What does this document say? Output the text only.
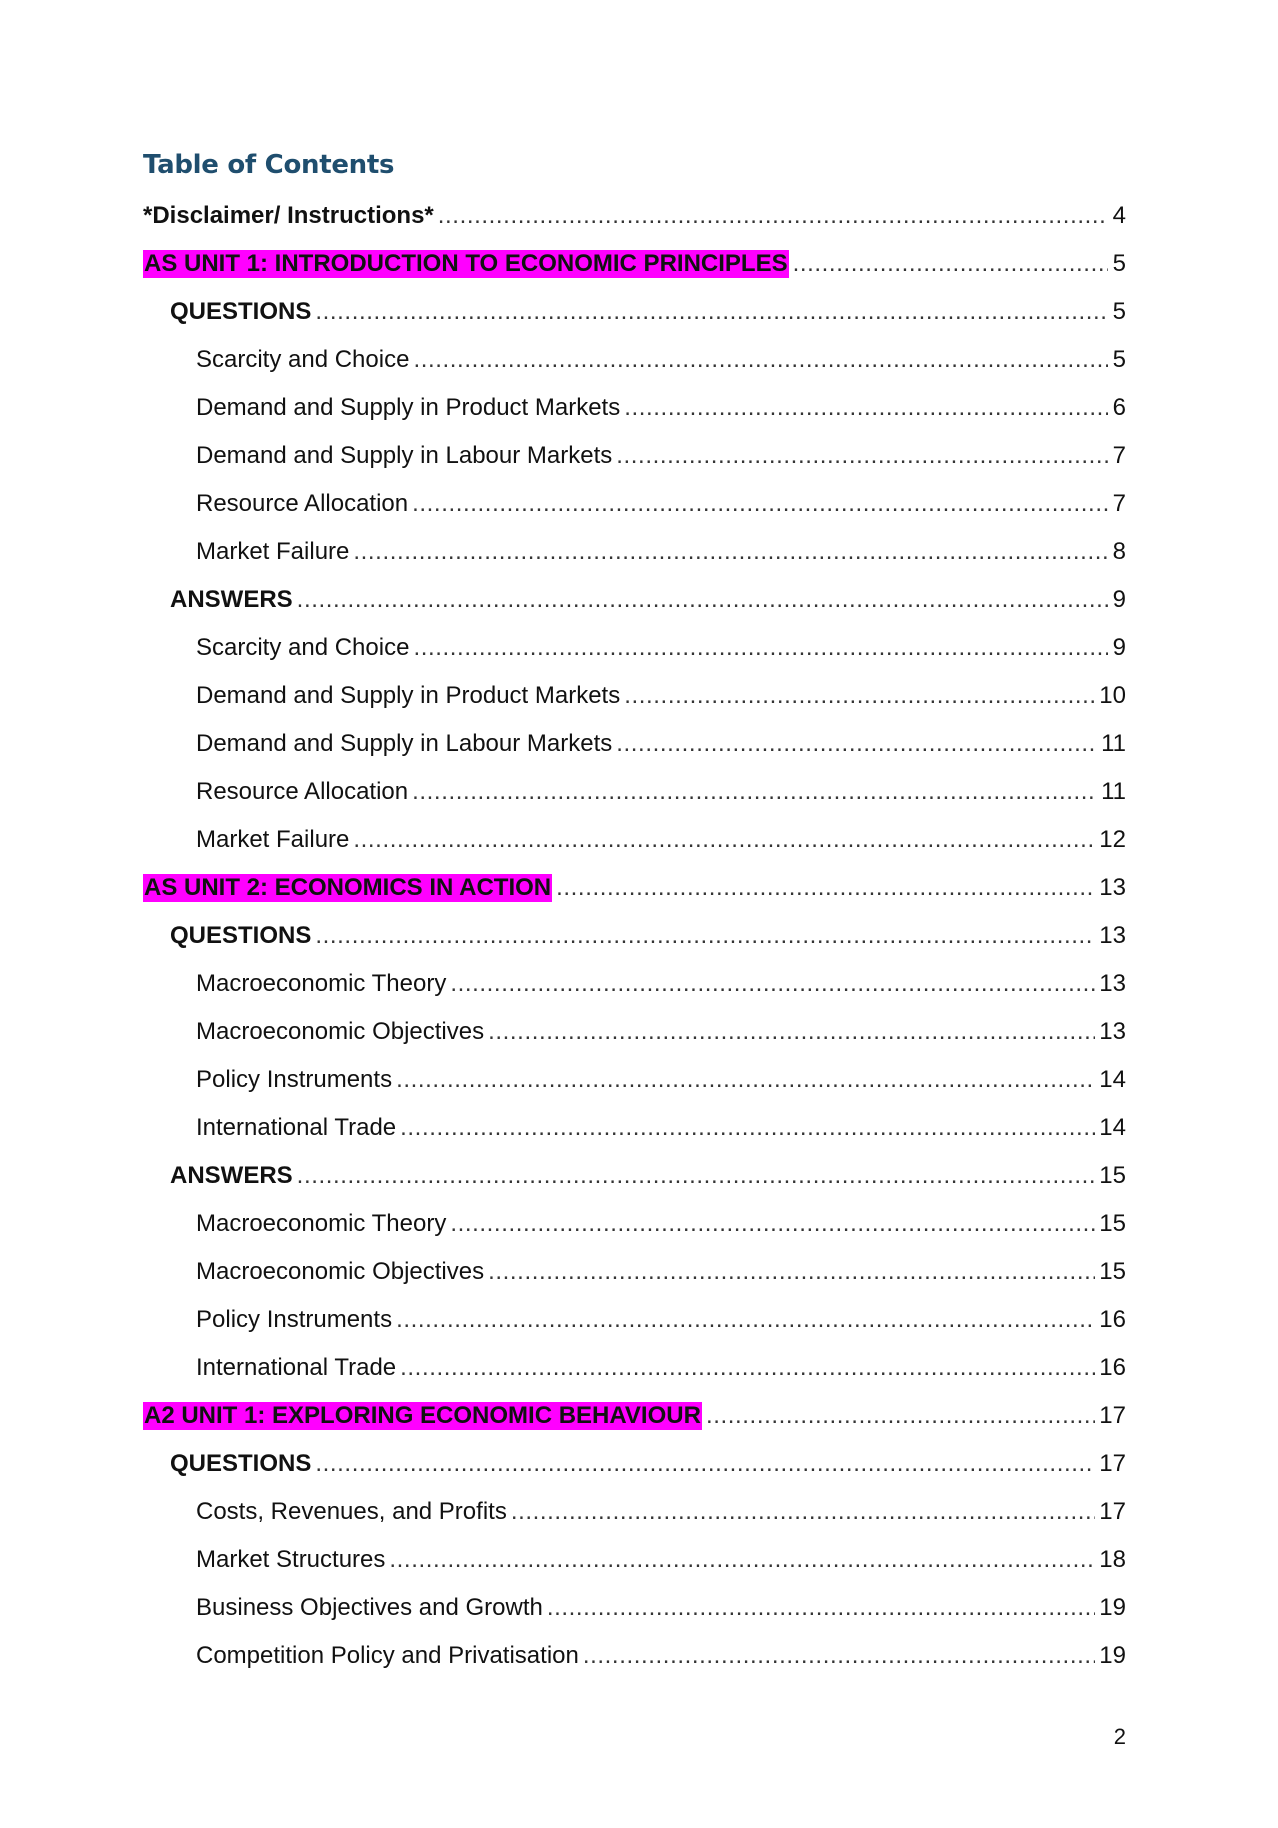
Table of Contents
*Disclaimer/ Instructions* .....	4
AS UNIT 1: INTRODUCTION TO ECONOMIC PRINCIPLES .....	5
QUESTIONS .....	5
Scarcity and Choice .....	5
Demand and Supply in Product Markets .....	6
Demand and Supply in Labour Markets .....	7
Resource Allocation .....	7
Market Failure .....	8
ANSWERS .....	9
Scarcity and Choice .....	9
Demand and Supply in Product Markets .....	10
Demand and Supply in Labour Markets .....	11
Resource Allocation .....	11
Market Failure .....	12
AS UNIT 2: ECONOMICS IN ACTION .....	13
QUESTIONS .....	13
Macroeconomic Theory .....	13
Macroeconomic Objectives .....	13
Policy Instruments .....	14
International Trade .....	14
ANSWERS .....	15
Macroeconomic Theory .....	15
Macroeconomic Objectives .....	15
Policy Instruments .....	16
International Trade .....	16
A2 UNIT 1: EXPLORING ECONOMIC BEHAVIOUR .....	17
QUESTIONS .....	17
Costs, Revenues, and Profits .....	17
Market Structures .....	18
Business Objectives and Growth .....	19
Competition Policy and Privatisation .....	19
2
